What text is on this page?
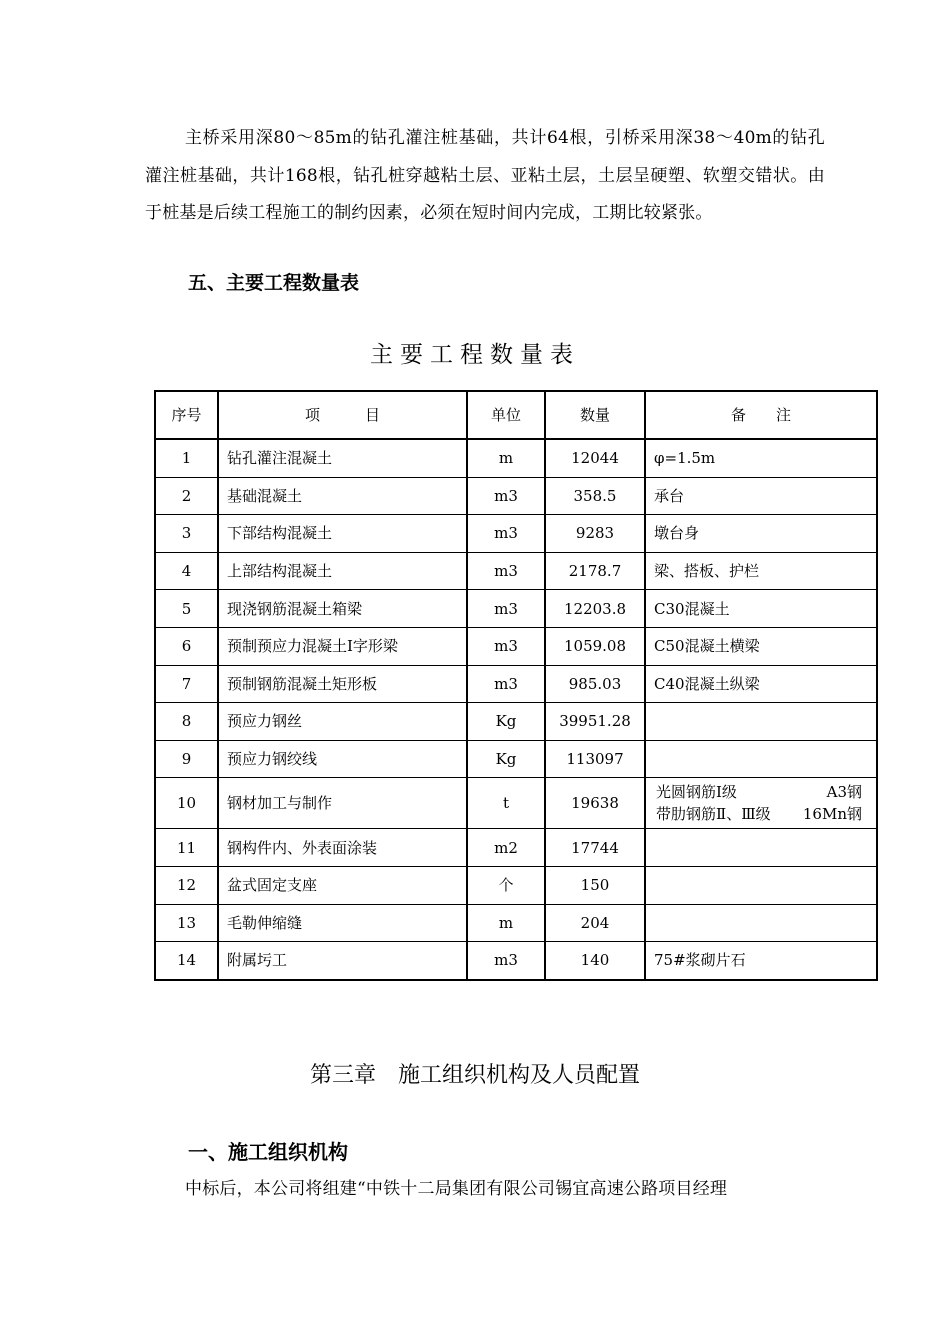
主桥采用深80～85m的钻孔灌注桩基础，共计64根，引桥采用深38～40m的钻孔灌注桩基础，共计168根，钻孔桩穿越粘土层、亚粘土层，土层呈硬塑、软塑交错状。由于桩基是后续工程施工的制约因素，必须在短时间内完成，工期比较紧张。

五、主要工程数量表
主要工程数量表
序号	项　　　目	单位	数量	备　　注
1	钻孔灌注混凝土	m	12044	φ=1.5m
2	基础混凝土	m3	358.5	承台
3	下部结构混凝土	m3	9283	墩台身
4	上部结构混凝土	m3	2178.7	梁、搭板、护栏
5	现浇钢筋混凝土箱梁	m3	12203.8	C30混凝土
6	预制预应力混凝土I字形梁	m3	1059.08	C50混凝土横梁
7	预制钢筋混凝土矩形板	m3	985.03	C40混凝土纵梁
8	预应力钢丝	Kg	39951.28	
9	预应力钢绞线	Kg	113097	
10	钢材加工与制作	t	19638	光圆钢筋Ⅰ级 A3钢
带肋钢筋Ⅱ、Ⅲ级 16Mn钢

11	钢构件内、外表面涂装	m2	17744	
12	盆式固定支座	个	150	
13	毛勒伸缩缝	m	204	
14	附属圬工	m3	140	75#浆砌片石
第三章　施工组织机构及人员配置
一、施工组织机构
中标后，本公司将组建“中铁十二局集团有限公司锡宜高速公路项目经理
